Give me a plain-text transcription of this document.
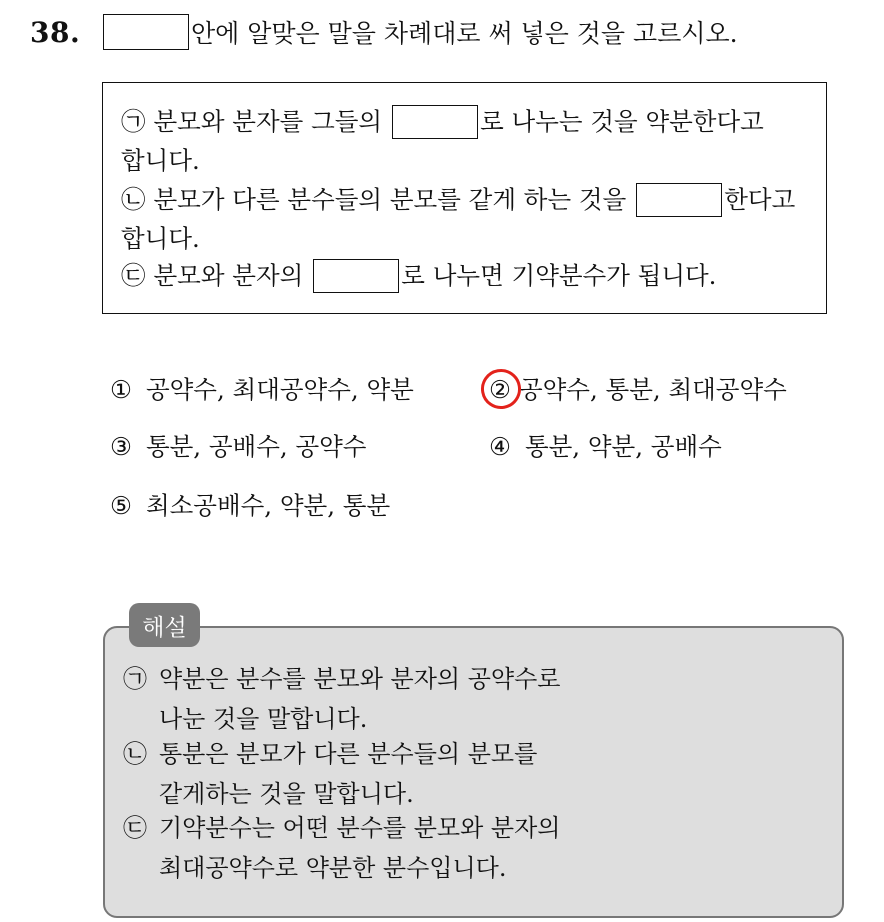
38.	안에 알맞은 말을 차례대로 써 넣은 것을 고르시오.
㉠ 분모와 분자를 그들의	로 나누는 것을 약분한다고
합니다.
㉡ 분모가 다른 분수들의 분모를 같게 하는 것을	한다고
합니다.
㉢ 분모와 분자의	로 나누면 기약분수가 됩니다.
① 공약수, 최대공약수, 약분	② 공약수, 통분, 최대공약수
③ 통분, 공배수, 공약수	④ 통분, 약분, 공배수
⑤ 최소공배수, 약분, 통분
해설
㉠ 약분은 분수를 분모와 분자의 공약수로
나눈 것을 말합니다.
㉡ 통분은 분모가 다른 분수들의 분모를
같게하는 것을 말합니다.
㉢ 기약분수는 어떤 분수를 분모와 분자의
최대공약수로 약분한 분수입니다.
